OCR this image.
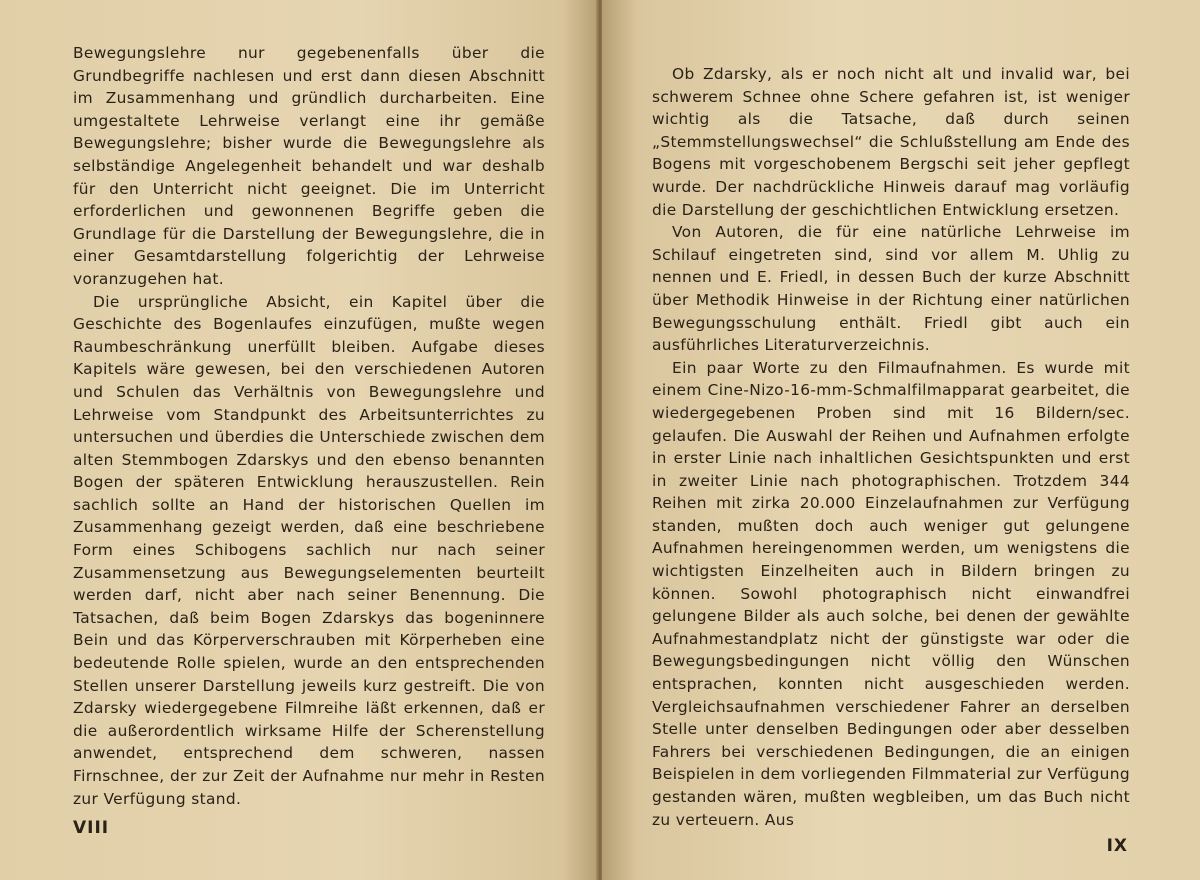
Bewegungslehre nur gegebenenfalls über die Grundbegriffe nachlesen und erst dann diesen Abschnitt im Zusammenhang und gründlich durcharbeiten. Eine umgestaltete Lehrweise verlangt eine ihr gemäße Bewegungslehre; bisher wurde die Bewegungslehre als selbständige Angelegenheit behandelt und war deshalb für den Unterricht nicht geeignet. Die im Unterricht erforderlichen und gewonnenen Begriffe geben die Grundlage für die Darstellung der Bewegungslehre, die in einer Gesamtdarstellung folgerichtig der Lehrweise voranzugehen hat.

Die ursprüngliche Absicht, ein Kapitel über die Geschichte des Bogenlaufes einzufügen, mußte wegen Raumbeschränkung unerfüllt bleiben. Aufgabe dieses Kapitels wäre gewesen, bei den verschiedenen Autoren und Schulen das Verhältnis von Bewegungslehre und Lehrweise vom Standpunkt des Arbeitsunterrichtes zu untersuchen und überdies die Unterschiede zwischen dem alten Stemmbogen Zdarskys und den ebenso benannten Bogen der späteren Entwicklung herauszustellen. Rein sachlich sollte an Hand der historischen Quellen im Zusammenhang gezeigt werden, daß eine beschriebene Form eines Schibogens sachlich nur nach seiner Zusammensetzung aus Bewegungselementen beurteilt werden darf, nicht aber nach seiner Benennung. Die Tatsachen, daß beim Bogen Zdarskys das bogeninnere Bein und das Körperverschrauben mit Körperheben eine bedeutende Rolle spielen, wurde an den entsprechenden Stellen unserer Darstellung jeweils kurz gestreift. Die von Zdarsky wiedergegebene Filmreihe läßt erkennen, daß er die außerordentlich wirksame Hilfe der Scherenstellung anwendet, entsprechend dem schweren, nassen Firnschnee, der zur Zeit der Aufnahme nur mehr in Resten zur Verfügung stand.

VIII

Ob Zdarsky, als er noch nicht alt und invalid war, bei schwerem Schnee ohne Schere gefahren ist, ist weniger wichtig als die Tatsache, daß durch seinen „Stemmstellungswechsel“ die Schlußstellung am Ende des Bogens mit vorgeschobenem Bergschi seit jeher gepflegt wurde. Der nachdrückliche Hinweis darauf mag vorläufig die Darstellung der geschichtlichen Entwicklung ersetzen.

Von Autoren, die für eine natürliche Lehrweise im Schilauf eingetreten sind, sind vor allem M. Uhlig zu nennen und E. Friedl, in dessen Buch der kurze Abschnitt über Methodik Hinweise in der Richtung einer natürlichen Bewegungsschulung enthält. Friedl gibt auch ein ausführliches Literaturverzeichnis.

Ein paar Worte zu den Filmaufnahmen. Es wurde mit einem Cine-Nizo-16-mm-Schmalfilmapparat gearbeitet, die wiedergegebenen Proben sind mit 16 Bildern/sec. gelaufen. Die Auswahl der Reihen und Aufnahmen erfolgte in erster Linie nach inhaltlichen Gesichtspunkten und erst in zweiter Linie nach photographischen. Trotzdem 344 Reihen mit zirka 20.000 Einzelaufnahmen zur Verfügung standen, mußten doch auch weniger gut gelungene Aufnahmen hereingenommen werden, um wenigstens die wichtigsten Einzelheiten auch in Bildern bringen zu können. Sowohl photographisch nicht einwandfrei gelungene Bilder als auch solche, bei denen der gewählte Aufnahmestandplatz nicht der günstigste war oder die Bewegungsbedingungen nicht völlig den Wünschen entsprachen, konnten nicht ausgeschieden werden. Vergleichsaufnahmen verschiedener Fahrer an derselben Stelle unter denselben Bedingungen oder aber desselben Fahrers bei verschiedenen Bedingungen, die an einigen Beispielen in dem vorliegenden Filmmaterial zur Verfügung gestanden wären, mußten wegbleiben, um das Buch nicht zu verteuern. Aus

IX
